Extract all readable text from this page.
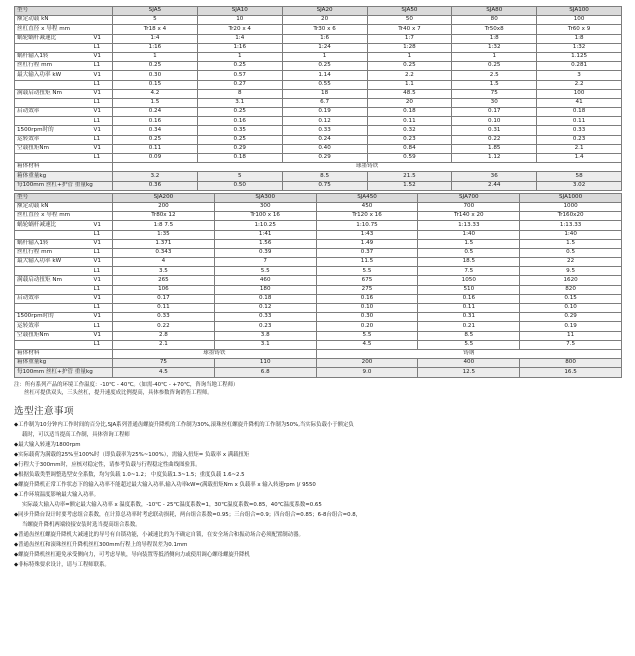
型号		SJA5	SJA10	SJA20	SJA50	SJA80	SJA100
额定动载 kN		5	10	20	50	80	100
丝杠直径 x 导程 mm		Tr18 x 4	Tr20 x 4	Tr30 x 6	Tr40 x 7	Tr50x8	Tr60 x 9
蜗轮蜗杆减速比	V1	1:4	1:4	1:6	1:7	1:8	1:8
	L1	1:16	1:16	1:24	1:28	1:32	1:32
蜗杆输入1转	V1	1	1	1	1	1	1.125
丝杠行程 mm	L1	0.25	0.25	0.25	0.25	0.25	0.281
最大输入功率 kW	V1	0.30	0.57	1.14	2.2	2.5	3
	L1	0.15	0.27	0.55	1.1	1.5	2.2
满载启动扭矩 Nm	V1	4.2	8	18	48.5	75	100
	L1	1.5	3.1	6.7	20	30	41
启动效率	V1	0.24	0.25	0.19	0.18	0.17	0.18
	L1	0.16	0.16	0.12	0.11	0.10	0.11
1500rpm时的	V1	0.34	0.35	0.33	0.32	0.31	0.33
运转效率	L1	0.25	0.25	0.24	0.23	0.22	0.23
空载扭矩Nm	V1	0.11	0.29	0.40	0.84	1.85	2.1
	L1	0.09	0.18	0.29	0.59	1.12	1.4
箱体材料		球墨铸铁					
箱体重量kg		3.2	5	8.5	21.5	36	58
每100mm 丝杠+护管 重量kg		0.36	0.50	0.75	1.52	2.44	3.02
型号		SJA200	SJA300	SJA450	SJA700	SJA1000
额定动载 kN		200	300	450	700	1000
丝杠直径 x 导程 mm		Tr80x 12	Tr100 x 16	Tr120 x 16	Tr140 x 20	Tr160x20
蜗轮蜗杆减速比	V1	1:8 7.5	1:10.25	1:10.75	1:13.33	1:13.33
	L1	1:35	1:41	1:43	1:40	1:40
蜗杆输入1转	V1	1.371	1.56	1.49	1.5	1.5
丝杠行程 mm	L1	0.343	0.39	0.37	0.5	0.5
最大输入功率 kW	V1	4	7	11.5	18.5	22
	L1	3.5	5.5	5.5	7.5	9.5
满载启动扭矩 Nm	V1	265	460	675	1050	1620
	L1	106	180	275	510	820
启动效率	V1	0.17	0.18	0.16	0.16	0.15
	L1	0.11	0.12	0.10	0.11	0.10
1500rpm时的	V1	0.33	0.33	0.30	0.31	0.29
运转效率	L1	0.22	0.23	0.20	0.21	0.19
空载扭矩Nm	V1	2.8	3.8	5.5	8.5	11
	L1	2.1	3.1	4.5	5.5	7.5
箱体材料		球墨铸铁		铸钢		
箱体重量kg		75	110	200	400	800
每100mm 丝杠+护管 重量kg		4.5	6.8	9.0	12.5	16.5
注：所有系列产品的环境工作温度：-10℃ - 40℃。（如需-40℃ - +70℃，咨询当地工程师）
丝杠可提供双头，三头丝杠，提升速度成比例提高，具体参数咨询销售工程师。
选型注意事项
◆工作制为10分钟内工作时间的百分比,SJA系列普通齿螺旋升降机的工作制为30%,滚珠丝杠螺旋升降机的工作制为50%,当实际负载小于额定负
载时，可以适当提高工作制，具体咨询工程师
◆最大输入转速为1800rpm
◆实际载荷为满载的25%至100%时（即负载率为25%~100%），需输入扭矩= 负载率 x 满载扭矩
◆行程大于300mm时，应核对稳定性，请参考负载与行程稳定性曲线图验算。
◆根据负载类型调整选型安全系数，均匀负载 1.0~1.2； 中度负载1.3~1.5；重度负载 1.6~2.5
◆螺旋升降机正常工作状态下的输入功率不能超过最大输入功率,输入功率kW=(满载扭矩Nm x 负载率 x 输入转速rpm )/ 9550
◆工作环境温度影响最大输入功率。
实际最大输入功率=额定最大输入功率 x 温度系数，-10℃ - 25℃温度系数=1，30℃温度系数=0.85，40℃温度系数=0.65
◆同步升降台设计时要考虑组合系数，在计算总功率时考虑联动损耗，两台组合系数=0.95；三台组合=0.9；四台组合=0.85；6-8台组合=0.8，
当螺旋升降机两端较接安装时选当提高组合系数。
◆普通齿丝杠螺旋升降机大减速比的导号有自锁功能，小减速比的为不确定自锁，在安全场合和振动场合必须配置制动器。
◆普通齿丝杠和滚珠丝杠升降机丝杠300mm行程上的导程误差为0.1mm
◆螺旋升降机丝杠避免承受侧向力，可考虑导轨，导向装置等抵消侧向力或使用调心螺母螺旋升降机
◆非标特殊要求设计，请与工程师联系。
